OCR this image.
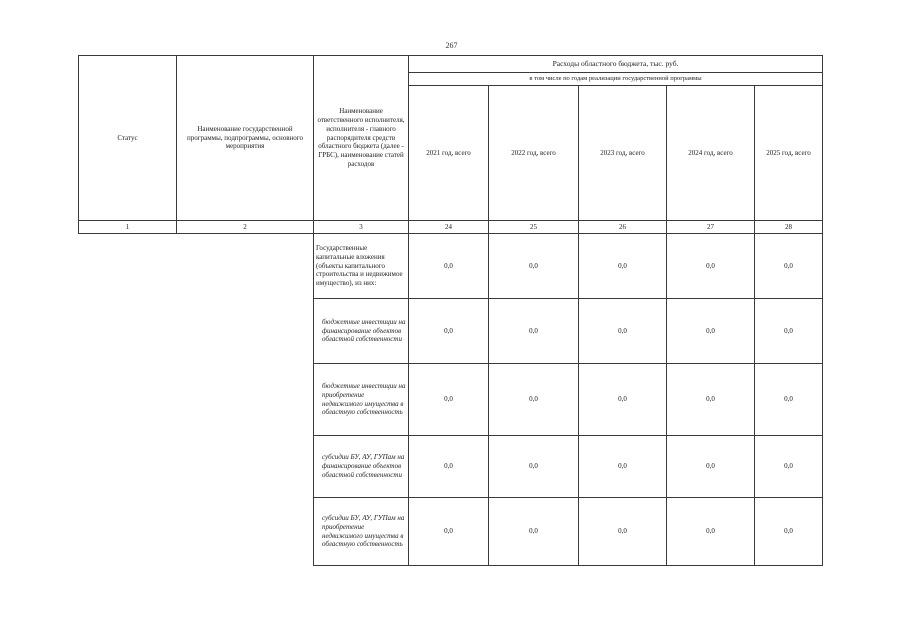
267
Статус	Наименование государственной программы, подпрограммы, основного мероприятия	Наименование ответственного исполнителя, исполнителя - главного распорядителя средств областного бюджета (далее - ГРБС), наименование статей расходов	Расходы областного бюджета, тыс. руб.				
			в том числе по годам реализации государственной программы				
			2021 год, всего	2022 год, всего	2023 год, всего	2024 год, всего	2025 год, всего
1	2	3	24	25	26	27	28
		Государственные капитальные вложения (объекты капитального строительства и недвижимое имущество), из них:	0,0	0,0	0,0	0,0	0,0
		бюджетные инвестиции на финансирование объектов областной собственности	0,0	0,0	0,0	0,0	0,0
		бюджетные инвестиции на приобретение недвижимого имущества в областную собственность	0,0	0,0	0,0	0,0	0,0
		субсидии БУ, АУ, ГУПам на финансирование объектов областной собственности	0,0	0,0	0,0	0,0	0,0
		субсидии БУ, АУ, ГУПам на приобретение недвижимого имущества в областную собственность	0,0	0,0	0,0	0,0	0,0
